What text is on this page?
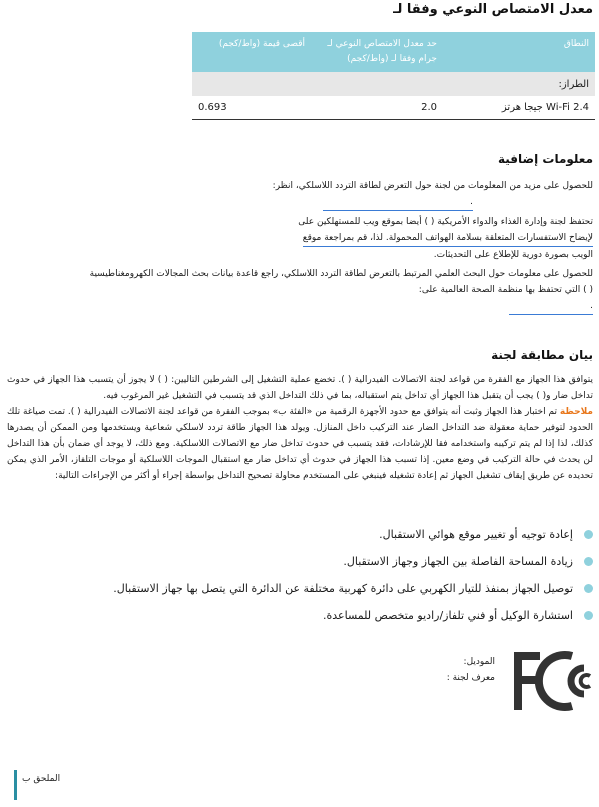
معدل الامتصاص النوعي وفقا لـ
النطاق	حد معدل الامتصاص النوعي لـ جرام وفقا لـ (واط/كجم)	أقصى قيمة (واط/كجم)
الطراز:		
Wi-Fi 2.4 جيجا هرتز	2.0	0.693
معلومات إضافية
للحصول على مزيد من المعلومات من لجنة حول التعرض لطاقة التردد اللاسلكي، انظر:
.
تحتفظ لجنة وإدارة الغذاء والدواء الأمريكية ( ) أيضا بموقع ويب للمستهلكين على
لإيضاح الاستفسارات المتعلقة بسلامة الهواتف المحمولة. لذا، قم بمراجعة موقع
الويب بصورة دورية للإطلاع على التحديثات.
للحصول على معلومات حول البحث العلمي المرتبط بالتعرض لطاقة التردد اللاسلكي، راجع قاعدة بيانات بحث المجالات الكهرومغناطيسية
( ) التي تحتفظ بها منظمة الصحة العالمية على:
.
بيان مطابقة لجنة
يتوافق هذا الجهاز مع الفقرة من قواعد لجنة الاتصالات الفيدرالية ( ). تخضع عملية التشغيل إلى الشرطين التاليين: ( ) لا يجوز أن يتسبب هذا الجهاز في حدوث تداخل ضار و( ) يجب أن يتقبل هذا الجهاز أي تداخل يتم استقباله، بما في ذلك التداخل الذي قد يتسبب في التشغيل غير المرغوب فيه.
ملاحظة تم اختبار هذا الجهاز وثبت أنه يتوافق مع حدود الأجهزة الرقمية من «الفئة ب» بموجب الفقرة من قواعد لجنة الاتصالات الفيدرالية ( ). تمت صياغة تلك الحدود لتوفير حماية معقولة ضد التداخل الضار عند التركيب داخل المنازل. ويولد هذا الجهاز طاقة تردد لاسلكي شعاعية ويستخدمها ومن الممكن أن يصدرها كذلك، لذا إذا لم يتم تركيبه واستخدامه فقا للإرشادات، فقد يتسبب في حدوث تداخل ضار مع الاتصالات اللاسلكية. ومع ذلك، لا يوجد أي ضمان بأن هذا التداخل لن يحدث في حالة التركيب في وضع معين. إذا تسبب هذا الجهاز في حدوث أي تداخل ضار مع استقبال الموجات اللاسلكية أو موجات التلفاز، الأمر الذي يمكن تحديده عن طريق إيقاف تشغيل الجهاز ثم إعادة تشغيله فينبغي على المستخدم محاولة تصحيح التداخل بواسطة إجراء أو أكثر من الإجراءات التالية:
إعادة توجيه أو تغيير موقع هوائي الاستقبال.
زيادة المساحة الفاصلة بين الجهاز وجهاز الاستقبال.
توصيل الجهاز بمنفذ للتيار الكهربي على دائرة كهربية مختلفة عن الدائرة التي يتصل بها جهاز الاستقبال.
استشارة الوكيل أو فني تلفاز/راديو متخصص للمساعدة.
الموديل:
معرف لجنة :
الملحق ب
